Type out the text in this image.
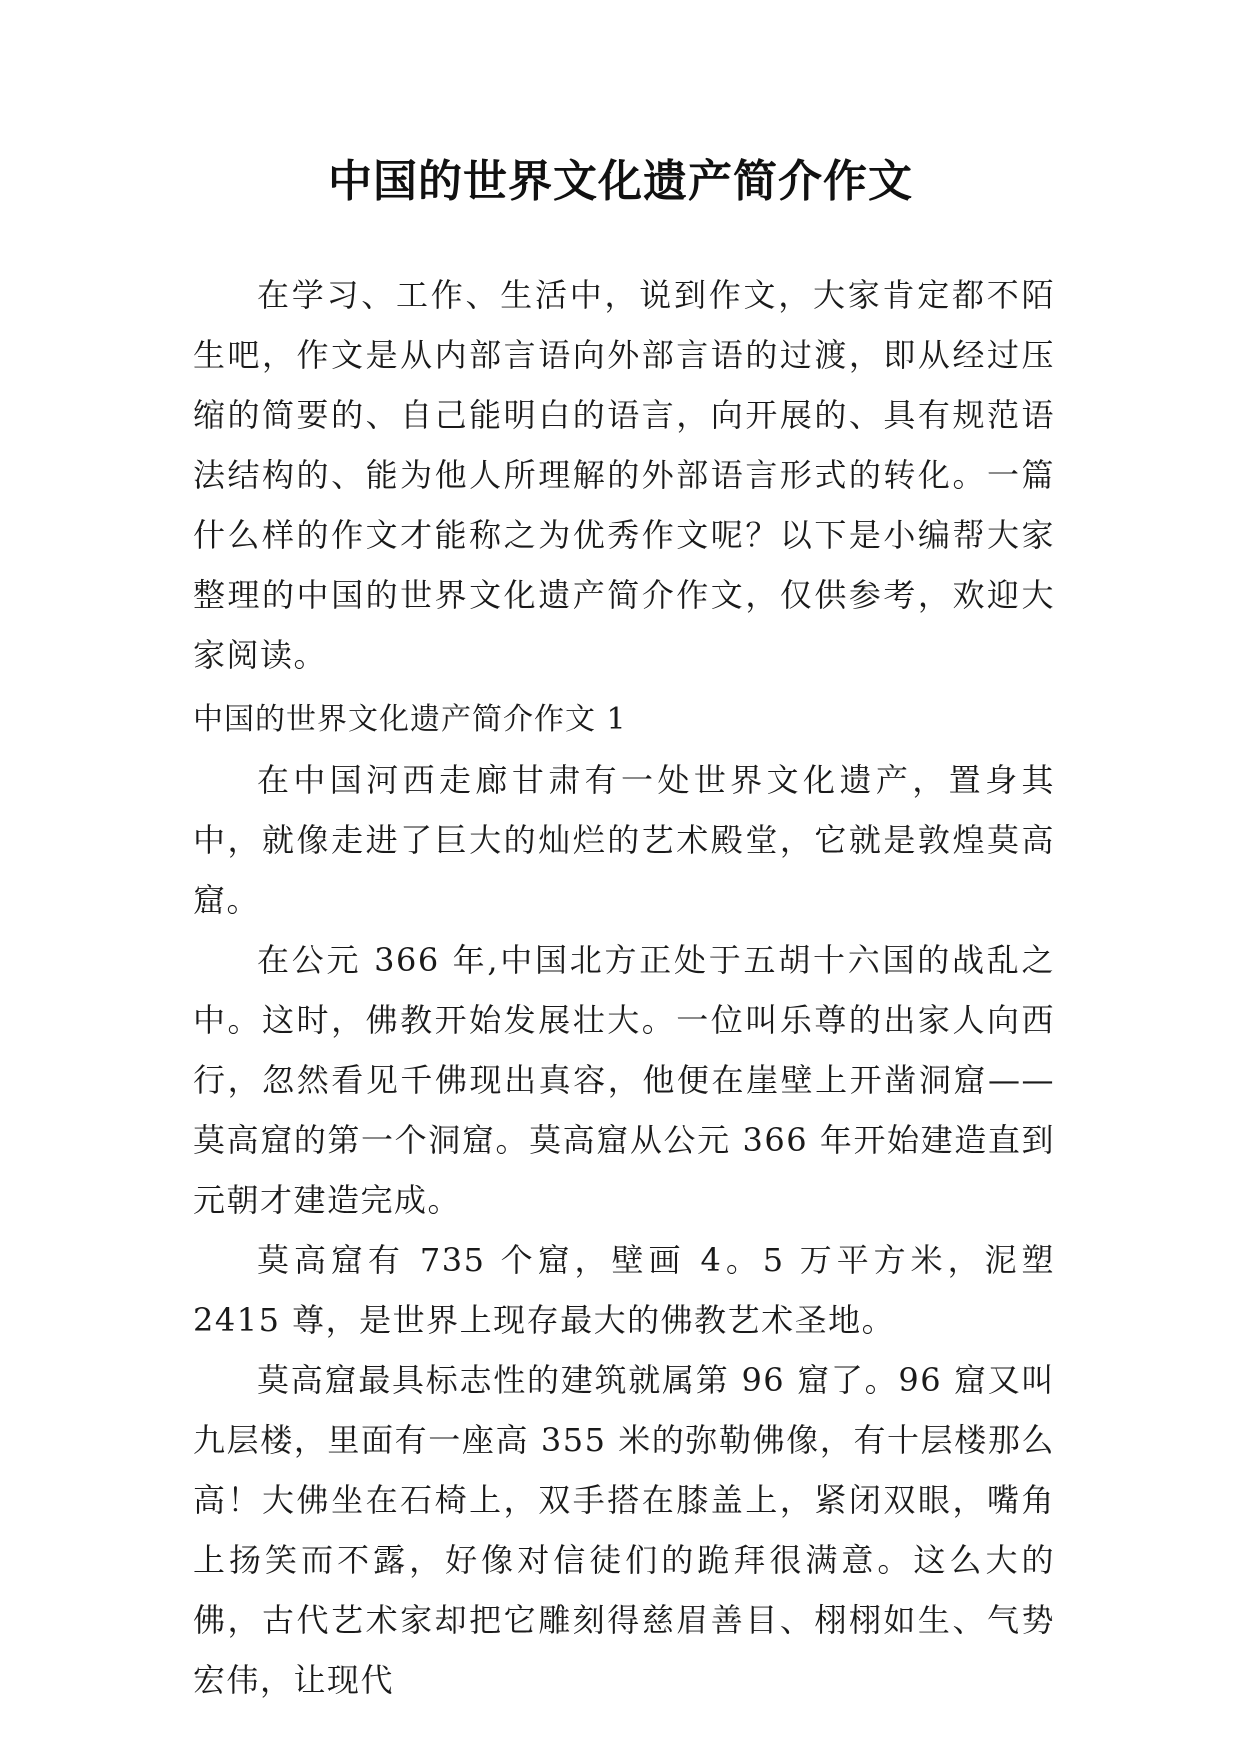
中国的世界文化遗产简介作文

在学习、工作、生活中，说到作文，大家肯定都不陌生吧，作文是从内部言语向外部言语的过渡，即从经过压缩的简要的、自己能明白的语言，向开展的、具有规范语法结构的、能为他人所理解的外部语言形式的转化。一篇什么样的作文才能称之为优秀作文呢？以下是小编帮大家整理的中国的世界文化遗产简介作文，仅供参考，欢迎大家阅读。

中国的世界文化遗产简介作文 1

在中国河西走廊甘肃有一处世界文化遗产，置身其中，就像走进了巨大的灿烂的艺术殿堂，它就是敦煌莫高窟。

在公元 366 年,中国北方正处于五胡十六国的战乱之中。这时，佛教开始发展壮大。一位叫乐尊的出家人向西行，忽然看见千佛现出真容，他便在崖壁上开凿洞窟——莫高窟的第一个洞窟。莫高窟从公元 366 年开始建造直到元朝才建造完成。

莫高窟有 735 个窟，壁画 4。5 万平方米，泥塑 2415 尊，是世界上现存最大的佛教艺术圣地。

莫高窟最具标志性的建筑就属第 96 窟了。96 窟又叫九层楼，里面有一座高 355 米的弥勒佛像，有十层楼那么高！大佛坐在石椅上，双手搭在膝盖上，紧闭双眼，嘴角上扬笑而不露，好像对信徒们的跪拜很满意。这么大的佛，古代艺术家却把它雕刻得慈眉善目、栩栩如生、气势宏伟，让现代
